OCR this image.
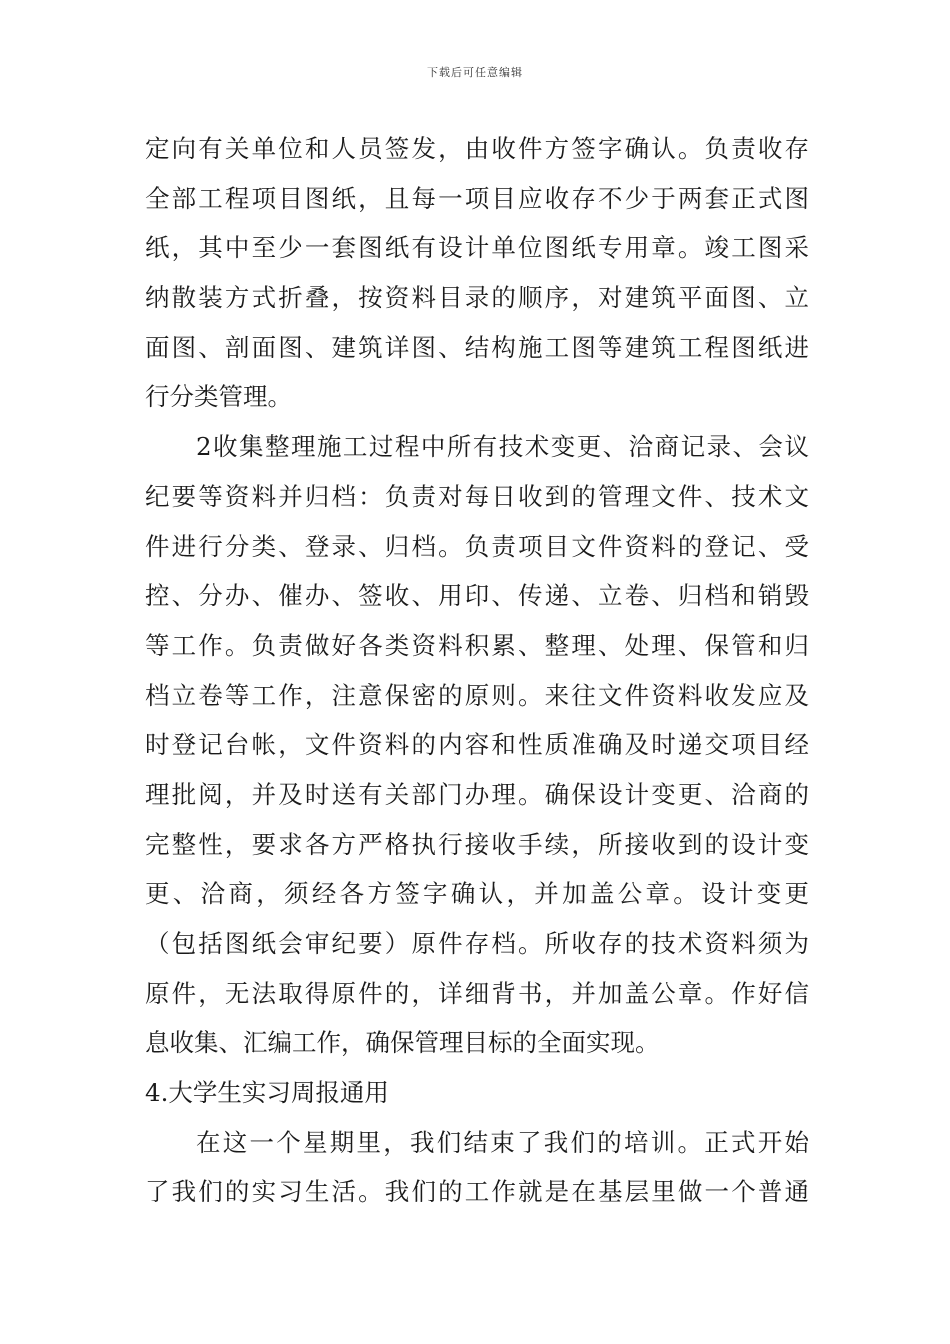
下载后可任意编辑
定向有关单位和人员签发，由收件方签字确认。负责收存
全部工程项目图纸，且每一项目应收存不少于两套正式图
纸，其中至少一套图纸有设计单位图纸专用章。竣工图采
纳散装方式折叠，按资料目录的顺序，对建筑平面图、立
面图、剖面图、建筑详图、结构施工图等建筑工程图纸进
行分类管理。
2收集整理施工过程中所有技术变更、洽商记录、会议
纪要等资料并归档：负责对每日收到的管理文件、技术文
件进行分类、登录、归档。负责项目文件资料的登记、受
控、分办、催办、签收、用印、传递、立卷、归档和销毁
等工作。负责做好各类资料积累、整理、处理、保管和归
档立卷等工作，注意保密的原则。来往文件资料收发应及
时登记台帐，文件资料的内容和性质准确及时递交项目经
理批阅，并及时送有关部门办理。确保设计变更、洽商的
完整性，要求各方严格执行接收手续，所接收到的设计变
更、洽商，须经各方签字确认，并加盖公章。设计变更
（包括图纸会审纪要）原件存档。所收存的技术资料须为
原件，无法取得原件的，详细背书，并加盖公章。作好信
息收集、汇编工作，确保管理目标的全面实现。
4.大学生实习周报通用
在这一个星期里，我们结束了我们的培训。正式开始
了我们的实习生活。我们的工作就是在基层里做一个普通
